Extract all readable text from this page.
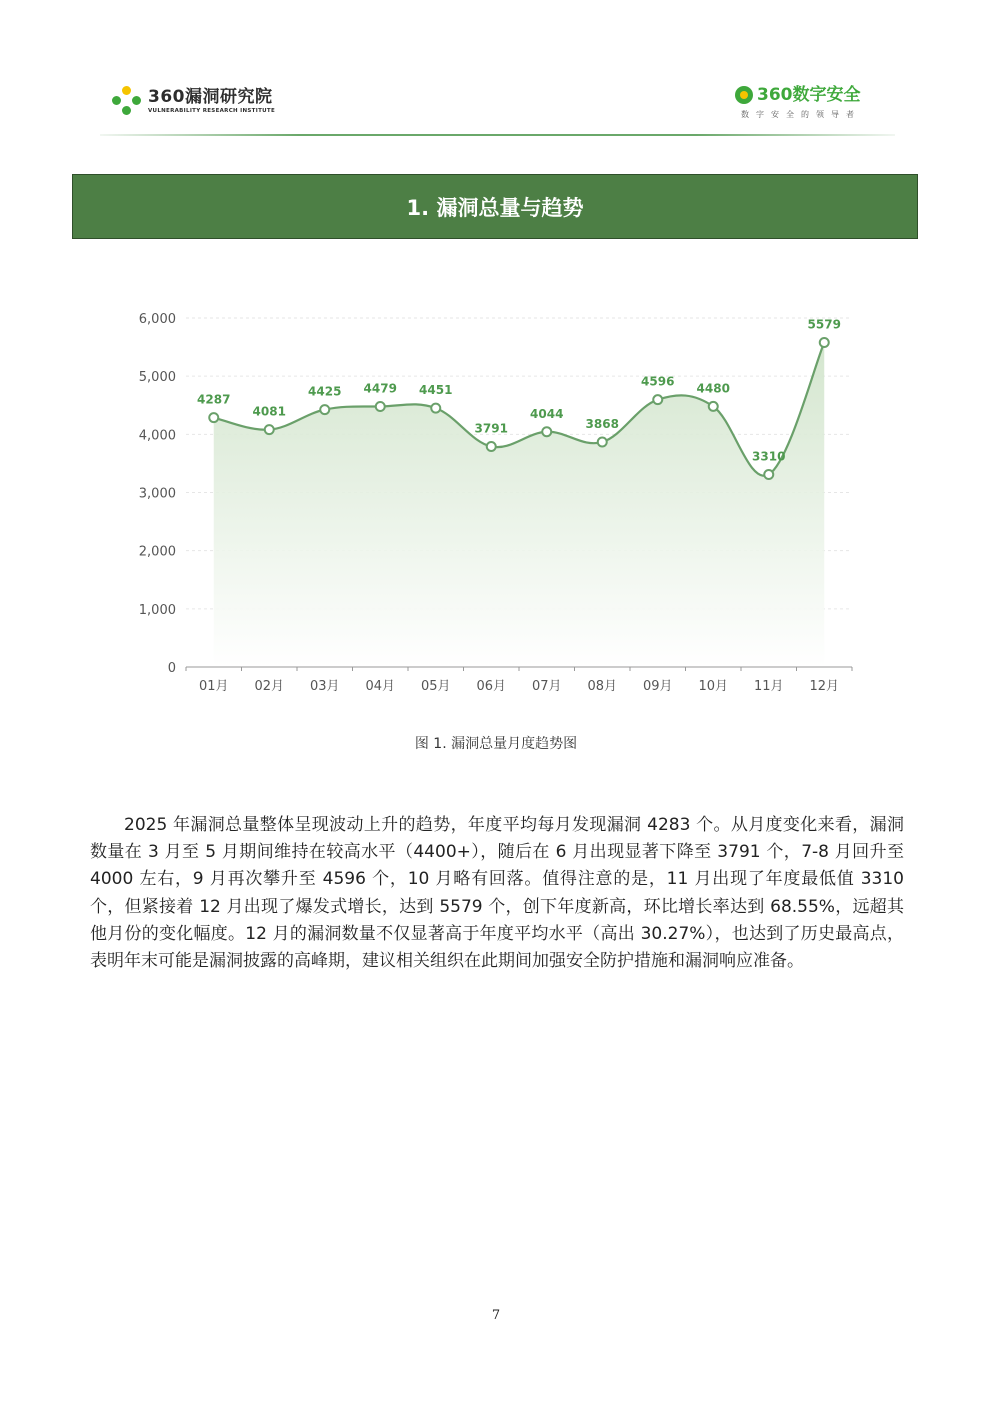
360漏洞研究院
VULNERABILITY RESEARCH INSTITUTE
360数字安全
数字安全的领导者
1. 漏洞总量与趋势
4287
4081
4425 4479 4451
3791
4044
3868
4596 4480
3310
5579
0
1,000
2,000
3,000
4,000
5,000
6,000
01月 02月 03月 04月 05月 06月 07月 08月 09月 10月 11月 12月
图 1. 漏洞总量月度趋势图
2025 年漏洞总量整体呈现波动上升的趋势，年度平均每月发现漏洞 4283 个。从月度变化来看，漏洞数量在 3 月至 5 月期间维持在较高水平（4400+），随后在 6 月出现显著下降至 3791 个，7-8 月回升至 4000 左右，9 月再次攀升至 4596 个，10 月略有回落。值得注意的是，11 月出现了年度最低值 3310 个，但紧接着 12 月出现了爆发式增长，达到 5579 个，创下年度新高，环比增长率达到 68.55%，远超其他月份的变化幅度。12 月的漏洞数量不仅显著高于年度平均水平（高出 30.27%），也达到了历史最高点，表明年末可能是漏洞披露的高峰期，建议相关组织在此期间加强安全防护措施和漏洞响应准备。
7
